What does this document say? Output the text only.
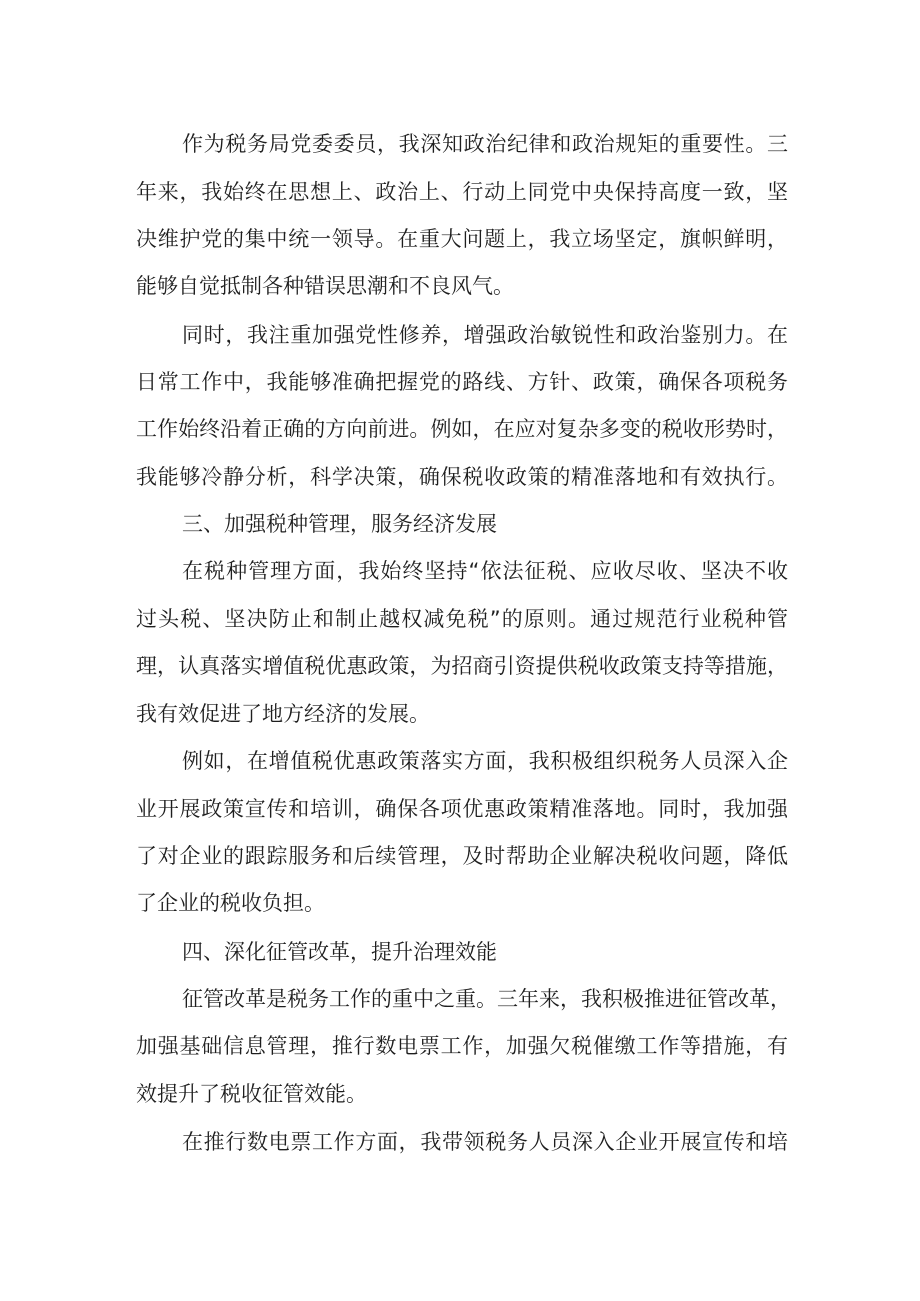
作为税务局党委委员，我深知政治纪律和政治规矩的重要性。三
年来，我始终在思想上、政治上、行动上同党中央保持高度一致，坚
决维护党的集中统一领导。在重大问题上，我立场坚定，旗帜鲜明，
能够自觉抵制各种错误思潮和不良风气。
同时，我注重加强党性修养，增强政治敏锐性和政治鉴别力。在
日常工作中，我能够准确把握党的路线、方针、政策，确保各项税务
工作始终沿着正确的方向前进。例如，在应对复杂多变的税收形势时，
我能够冷静分析，科学决策，确保税收政策的精准落地和有效执行。
三、加强税种管理，服务经济发展
在税种管理方面，我始终坚持“依法征税、应收尽收、坚决不收
过头税、坚决防止和制止越权减免税”的原则。通过规范行业税种管
理，认真落实增值税优惠政策，为招商引资提供税收政策支持等措施，
我有效促进了地方经济的发展。
例如，在增值税优惠政策落实方面，我积极组织税务人员深入企
业开展政策宣传和培训，确保各项优惠政策精准落地。同时，我加强
了对企业的跟踪服务和后续管理，及时帮助企业解决税收问题，降低
了企业的税收负担。
四、深化征管改革，提升治理效能
征管改革是税务工作的重中之重。三年来，我积极推进征管改革，
加强基础信息管理，推行数电票工作，加强欠税催缴工作等措施，有
效提升了税收征管效能。
在推行数电票工作方面，我带领税务人员深入企业开展宣传和培
